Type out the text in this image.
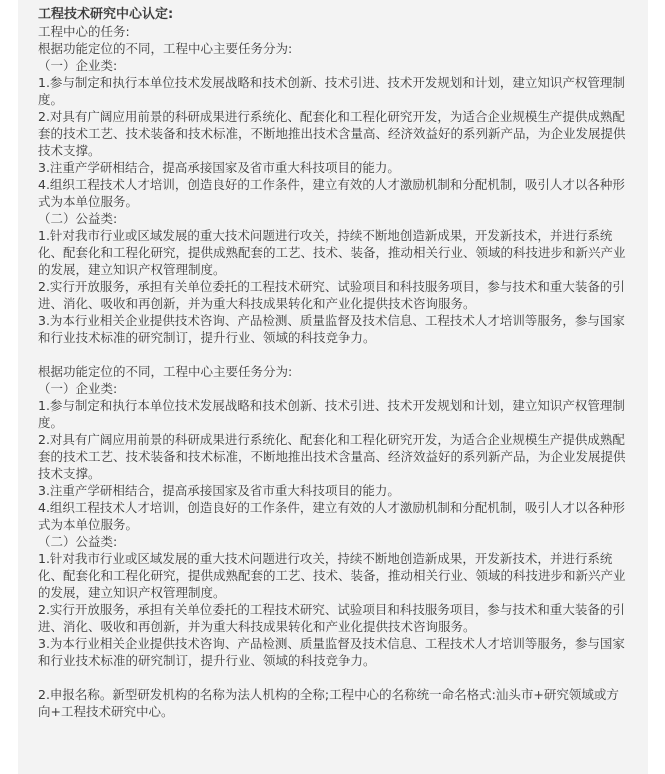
工程技术研究中心认定:
工程中心的任务:
根据功能定位的不同，工程中心主要任务分为:
（一）企业类:
1.参与制定和执行本单位技术发展战略和技术创新、技术引进、技术开发规划和计划，建立知识产权管理制度。
2.对具有广阔应用前景的科研成果进行系统化、配套化和工程化研究开发，为适合企业规模生产提供成熟配套的技术工艺、技术装备和技术标准，不断地推出技术含量高、经济效益好的系列新产品，为企业发展提供技术支撑。
3.注重产学研相结合，提高承接国家及省市重大科技项目的能力。
4.组织工程技术人才培训，创造良好的工作条件，建立有效的人才激励机制和分配机制，吸引人才以各种形式为本单位服务。
（二）公益类:
1.针对我市行业或区域发展的重大技术问题进行攻关，持续不断地创造新成果，开发新技术，并进行系统化、配套化和工程化研究，提供成熟配套的工艺、技术、装备，推动相关行业、领域的科技进步和新兴产业的发展，建立知识产权管理制度。
2.实行开放服务，承担有关单位委托的工程技术研究、试验项目和科技服务项目，参与技术和重大装备的引进、消化、吸收和再创新，并为重大科技成果转化和产业化提供技术咨询服务。
3.为本行业相关企业提供技术咨询、产品检测、质量监督及技术信息、工程技术人才培训等服务，参与国家和行业技术标准的研究制订，提升行业、领域的科技竞争力。
根据功能定位的不同，工程中心主要任务分为:
（一）企业类:
1.参与制定和执行本单位技术发展战略和技术创新、技术引进、技术开发规划和计划，建立知识产权管理制度。
2.对具有广阔应用前景的科研成果进行系统化、配套化和工程化研究开发，为适合企业规模生产提供成熟配套的技术工艺、技术装备和技术标准，不断地推出技术含量高、经济效益好的系列新产品，为企业发展提供技术支撑。
3.注重产学研相结合，提高承接国家及省市重大科技项目的能力。
4.组织工程技术人才培训，创造良好的工作条件，建立有效的人才激励机制和分配机制，吸引人才以各种形式为本单位服务。
（二）公益类:
1.针对我市行业或区域发展的重大技术问题进行攻关，持续不断地创造新成果，开发新技术，并进行系统化、配套化和工程化研究，提供成熟配套的工艺、技术、装备，推动相关行业、领域的科技进步和新兴产业的发展，建立知识产权管理制度。
2.实行开放服务，承担有关单位委托的工程技术研究、试验项目和科技服务项目，参与技术和重大装备的引进、消化、吸收和再创新，并为重大科技成果转化和产业化提供技术咨询服务。
3.为本行业相关企业提供技术咨询、产品检测、质量监督及技术信息、工程技术人才培训等服务，参与国家和行业技术标准的研究制订，提升行业、领域的科技竞争力。
2.申报名称。新型研发机构的名称为法人机构的全称;工程中心的名称统一命名格式:汕头市+研究领域或方向+工程技术研究中心。
